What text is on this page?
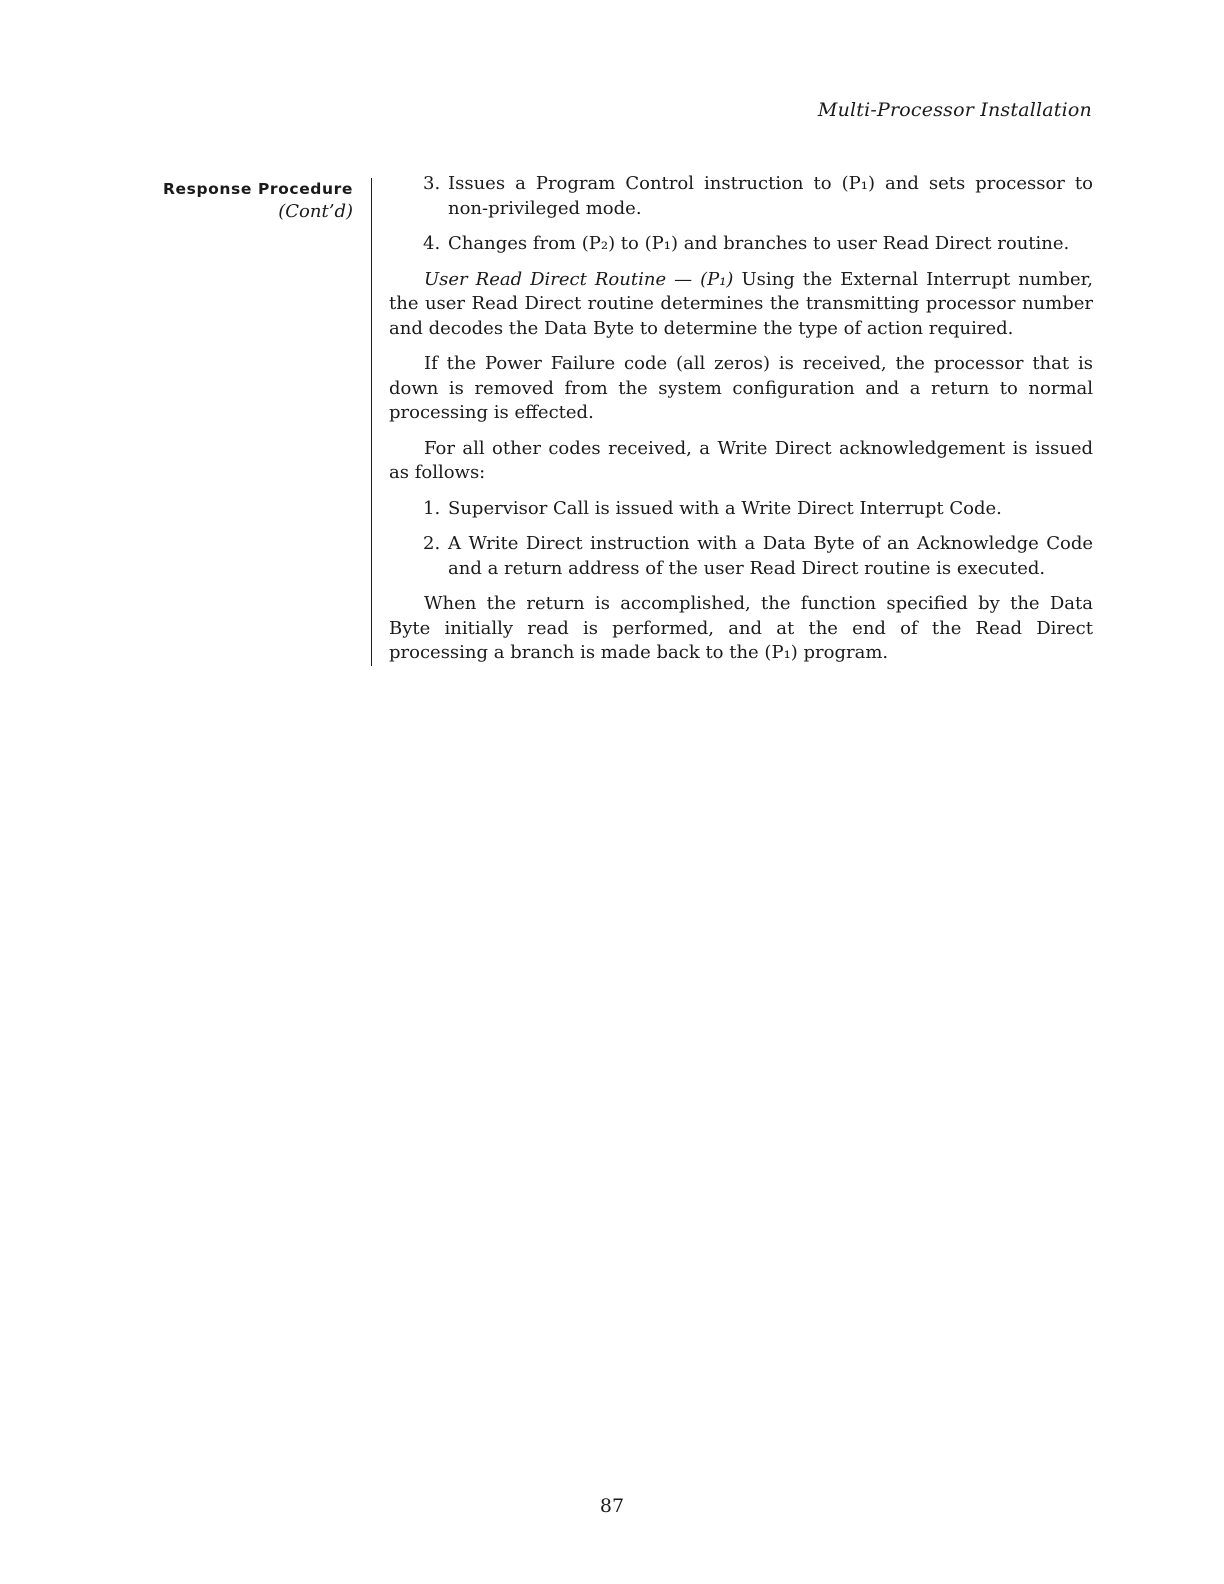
Multi-Processor Installation
Response Procedure
(Cont’d)
3. Issues a Program Control instruction to (P₁) and sets processor to non-privileged mode.
4. Changes from (P₂) to (P₁) and branches to user Read Direct routine.

User Read Direct Routine — (P₁) Using the External Interrupt number, the user Read Direct routine determines the transmitting processor number and decodes the Data Byte to determine the type of action required.

If the Power Failure code (all zeros) is received, the processor that is down is removed from the system configuration and a return to normal processing is effected.

For all other codes received, a Write Direct acknowledgement is issued as follows:

1. Supervisor Call is issued with a Write Direct Interrupt Code.
2. A Write Direct instruction with a Data Byte of an Acknowledge Code and a return address of the user Read Direct routine is executed.

When the return is accomplished, the function specified by the Data Byte initially read is performed, and at the end of the Read Direct processing a branch is made back to the (P₁) program.

87
